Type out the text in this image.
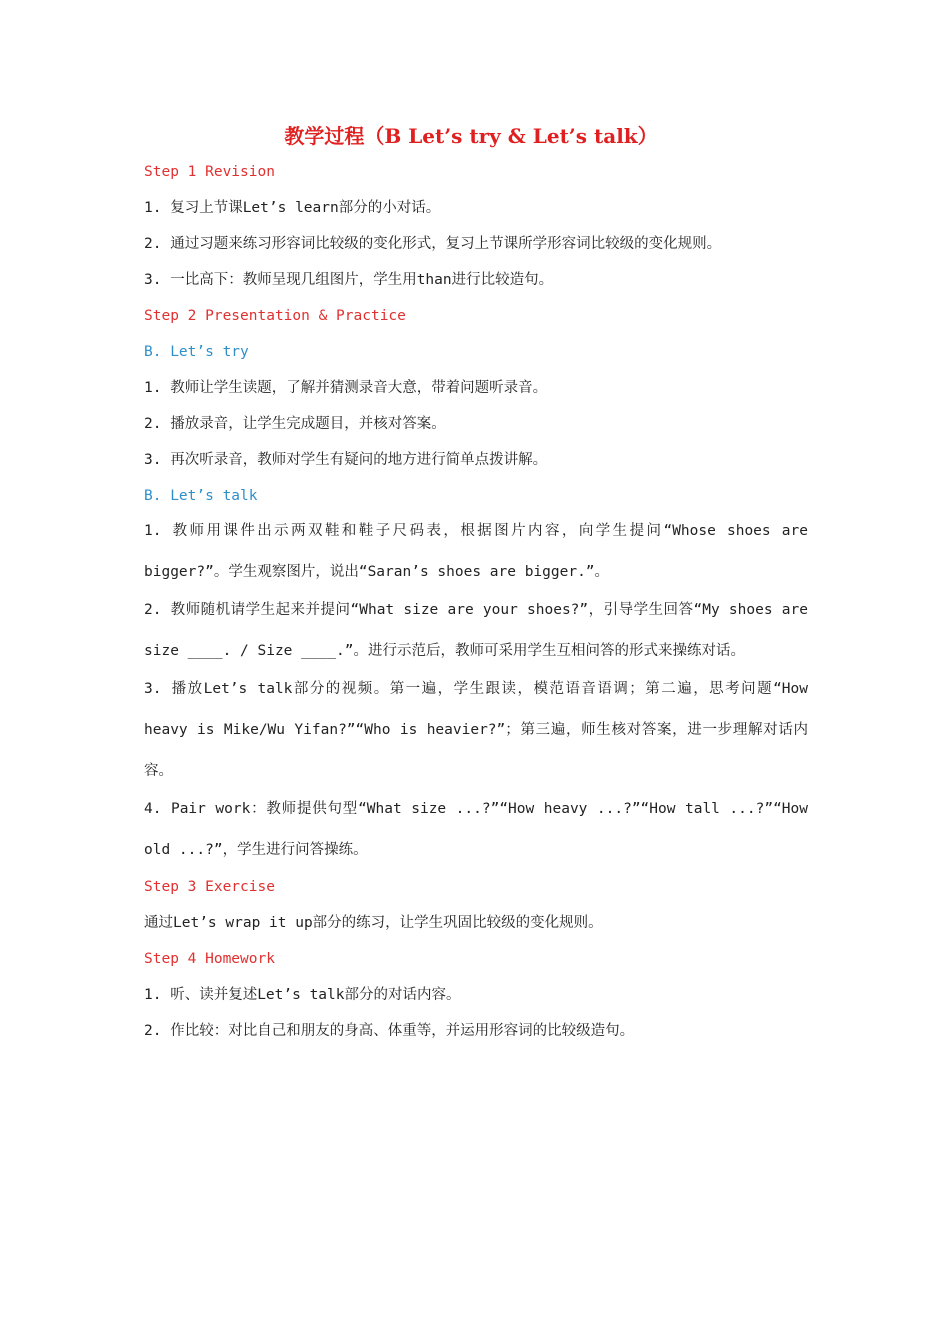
教学过程（B Let’s try & Let’s talk）
Step 1 Revision
1. 复习上节课Let’s learn部分的小对话。
2. 通过习题来练习形容词比较级的变化形式，复习上节课所学形容词比较级的变化规则。
3. 一比高下：教师呈现几组图片，学生用than进行比较造句。
Step 2 Presentation & Practice
B. Let’s try
1. 教师让学生读题，了解并猜测录音大意，带着问题听录音。
2. 播放录音，让学生完成题目，并核对答案。
3. 再次听录音，教师对学生有疑问的地方进行简单点拨讲解。
B. Let’s talk
1. 教师用课件出示两双鞋和鞋子尺码表，根据图片内容，向学生提问“Whose shoes are bigger?”。学生观察图片，说出“Saran’s shoes are bigger.”。
2. 教师随机请学生起来并提问“What size are your shoes?”，引导学生回答“My shoes are size ____. / Size ____.”。进行示范后，教师可采用学生互相问答的形式来操练对话。
3. 播放Let’s talk部分的视频。第一遍，学生跟读，模范语音语调；第二遍，思考问题“How heavy is Mike/Wu Yifan?”“Who is heavier?”；第三遍，师生核对答案，进一步理解对话内容。
4. Pair work：教师提供句型“What size ...?”“How heavy ...?”“How tall ...?”“How old ...?”，学生进行问答操练。
Step 3 Exercise
通过Let’s wrap it up部分的练习，让学生巩固比较级的变化规则。
Step 4 Homework
1. 听、读并复述Let’s talk部分的对话内容。
2. 作比较：对比自己和朋友的身高、体重等，并运用形容词的比较级造句。
